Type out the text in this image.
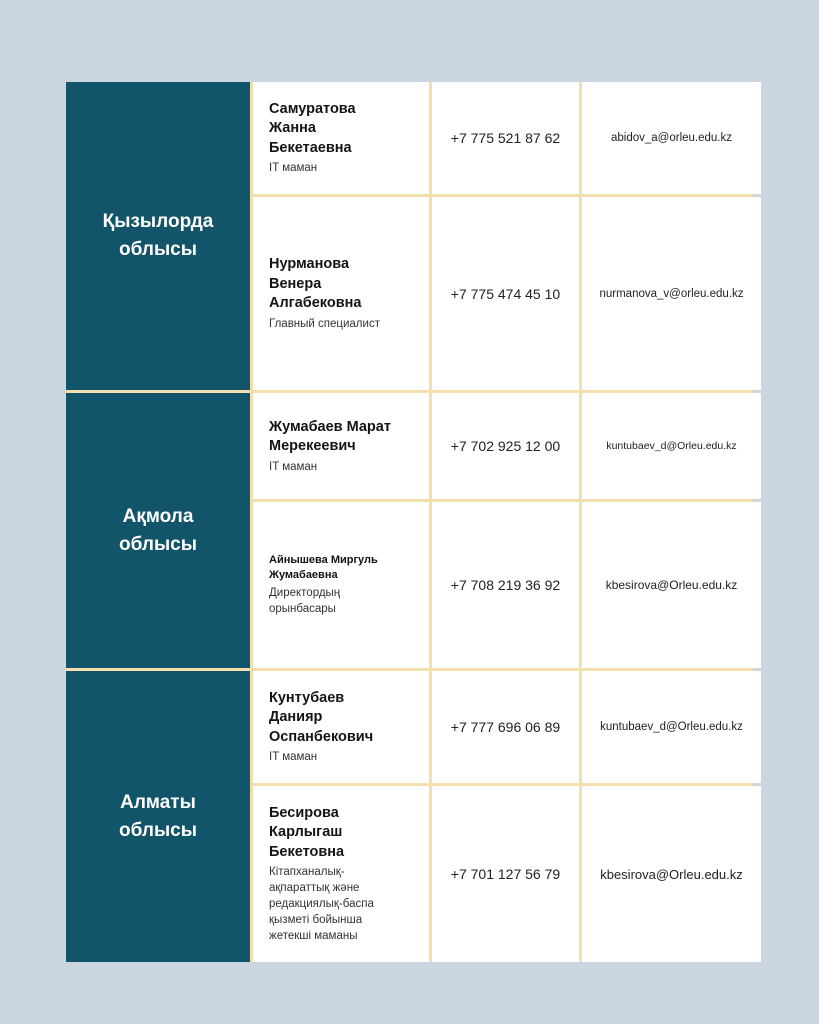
Қызылорда облысы
Самуратова Жанна Бекетаевна
IT маман
+7 775 521 87 62	abidov_a@orleu.edu.kz
Нурманова Венера Алгабековна
Главный специалист
+7 775 474 45 10	nurmanova_v@orleu.edu.kz
Ақмола облысы
Жумабаев Марат Мерекеевич
IT маман
+7 702 925 12 00	kuntubaev_d@Orleu.edu.kz
Айнышева Миргуль Жумабаевна
Директордың орынбасары
+7 708 219 36 92	kbesirova@Orleu.edu.kz
Алматы облысы
Кунтубаев Данияр Оспанбекович
IT маман
+7 777 696 06 89	kuntubaev_d@Orleu.edu.kz
Бесирова Карлыгаш Бекетовна
Кітапханалық-ақпараттық және редакциялық-баспа қызметі бойынша жетекші маманы
+7 701 127 56 79	kbesirova@Orleu.edu.kz
